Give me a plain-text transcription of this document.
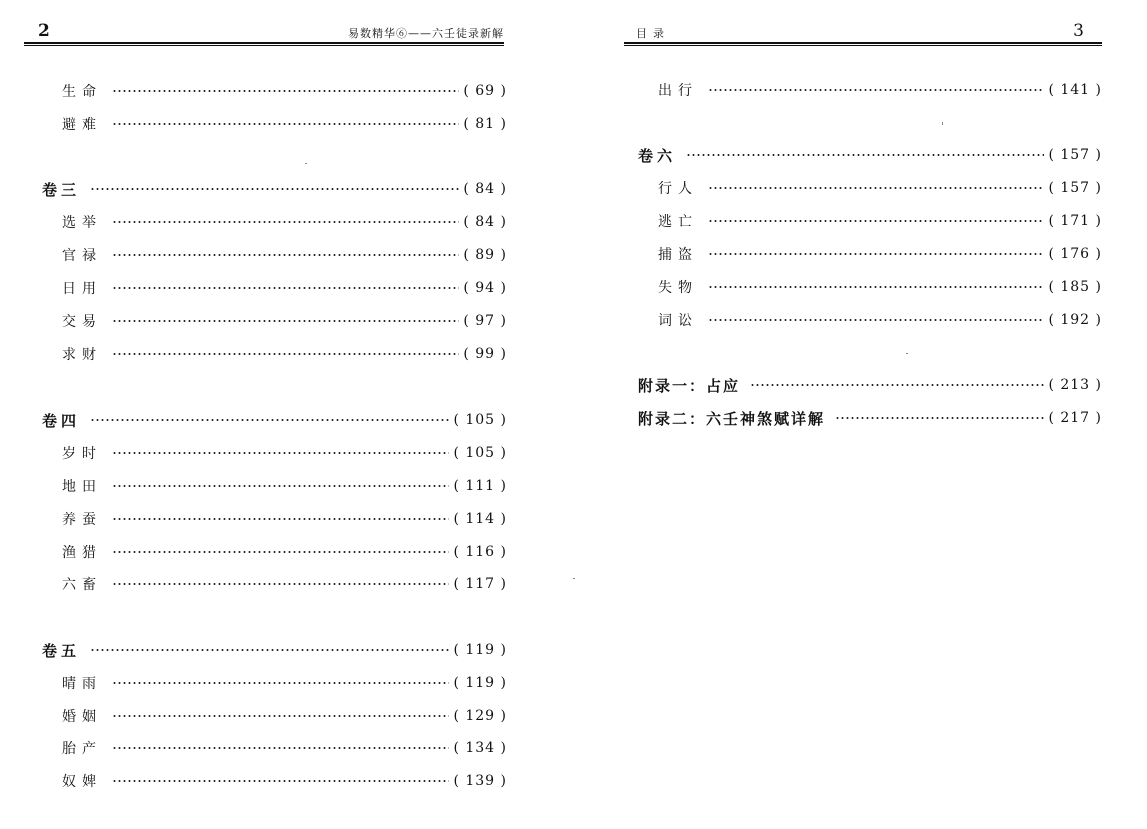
2	易数精华⑥——六壬徒录新解
生命	( 69 )
避难	( 81 )
卷三	( 84 )
选举	( 84 )
官禄	( 89 )
日用	( 94 )
交易	( 97 )
求财	( 99 )
卷四	( 105 )
岁时	( 105 )
地田	( 111 )
养蚕	( 114 )
渔猎	( 116 )
六畜	( 117 )
卷五	( 119 )
晴雨	( 119 )
婚姻	( 129 )
胎产	( 134 )
奴婢	( 139 )
目录	3
出行	( 141 )
卷六	( 157 )
行人	( 157 )
逃亡	( 171 )
捕盗	( 176 )
失物	( 185 )
词讼	( 192 )
附录一：占应	( 213 )
附录二：六壬神煞赋详解	( 217 )
